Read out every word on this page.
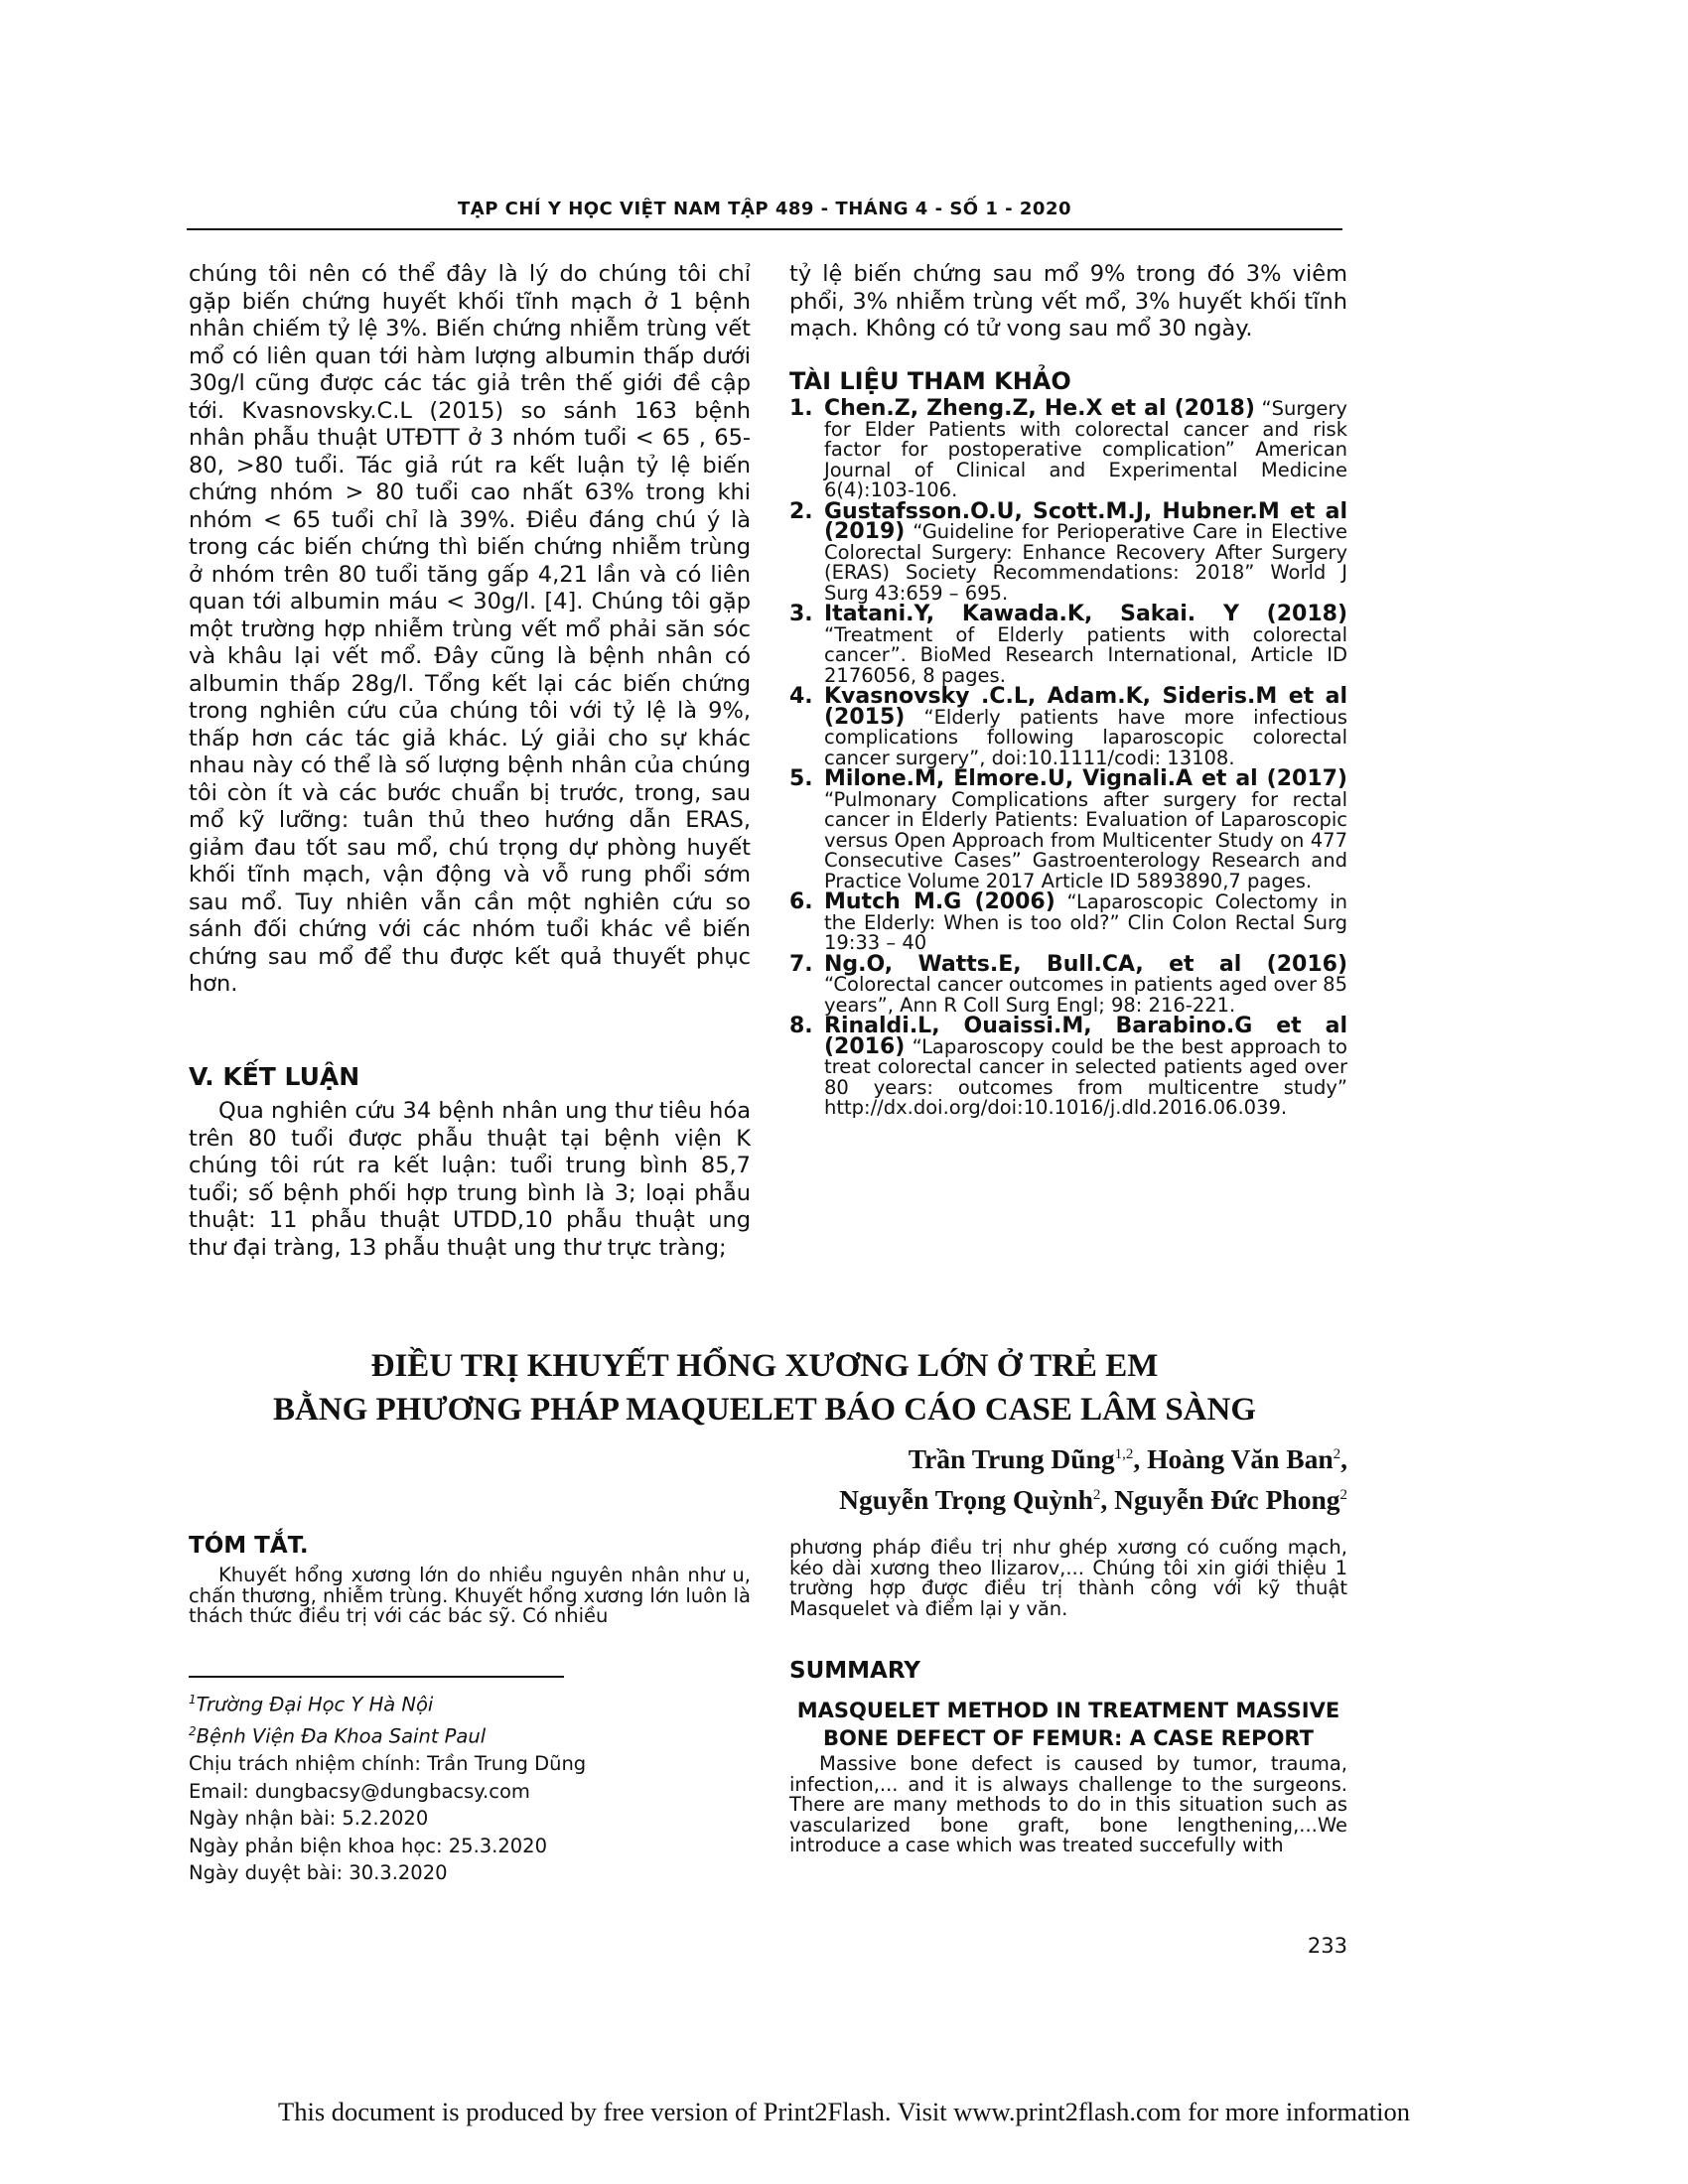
TẠP CHÍ Y HỌC VIỆT NAM TẬP 489 - THÁNG 4 - SỐ 1 - 2020

chúng tôi nên có thể đây là lý do chúng tôi chỉ gặp biến chứng huyết khối tĩnh mạch ở 1 bệnh nhân chiếm tỷ lệ 3%. Biến chứng nhiễm trùng vết mổ có liên quan tới hàm lượng albumin thấp dưới 30g/l cũng được các tác giả trên thế giới đề cập tới. Kvasnovsky.C.L (2015) so sánh 163 bệnh nhân phẫu thuật UTĐTT ở 3 nhóm tuổi < 65 , 65- 80, >80 tuổi. Tác giả rút ra kết luận tỷ lệ biến chứng nhóm > 80 tuổi cao nhất 63% trong khi nhóm < 65 tuổi chỉ là 39%. Điều đáng chú ý là trong các biến chứng thì biến chứng nhiễm trùng ở nhóm trên 80 tuổi tăng gấp 4,21 lần và có liên quan tới albumin máu < 30g/l. [4]. Chúng tôi gặp một trường hợp nhiễm trùng vết mổ phải săn sóc và khâu lại vết mổ. Đây cũng là bệnh nhân có albumin thấp 28g/l. Tổng kết lại các biến chứng trong nghiên cứu của chúng tôi với tỷ lệ là 9%, thấp hơn các tác giả khác. Lý giải cho sự khác nhau này có thể là số lượng bệnh nhân của chúng tôi còn ít và các bước chuẩn bị trước, trong, sau mổ kỹ lưỡng: tuân thủ theo hướng dẫn ERAS, giảm đau tốt sau mổ, chú trọng dự phòng huyết khối tĩnh mạch, vận động và vỗ rung phổi sớm sau mổ. Tuy nhiên vẫn cần một nghiên cứu so sánh đối chứng với các nhóm tuổi khác về biến chứng sau mổ để thu được kết quả thuyết phục hơn.

V. KẾT LUẬN

Qua nghiên cứu 34 bệnh nhân ung thư tiêu hóa trên 80 tuổi được phẫu thuật tại bệnh viện K chúng tôi rút ra kết luận: tuổi trung bình 85,7 tuổi; số bệnh phối hợp trung bình là 3; loại phẫu thuật: 11 phẫu thuật UTDD,10 phẫu thuật ung thư đại tràng, 13 phẫu thuật ung thư trực tràng;

tỷ lệ biến chứng sau mổ 9% trong đó 3% viêm phổi, 3% nhiễm trùng vết mổ, 3% huyết khối tĩnh mạch. Không có tử vong sau mổ 30 ngày.

TÀI LIỆU THAM KHẢO
1. Chen.Z, Zheng.Z, He.X et al (2018) “Surgery for Elder Patients with colorectal cancer and risk factor for postoperative complication” American Journal of Clinical and Experimental Medicine 6(4):103-106.
2. Gustafsson.O.U, Scott.M.J, Hubner.M et al (2019) “Guideline for Perioperative Care in Elective Colorectal Surgery: Enhance Recovery After Surgery (ERAS) Society Recommendations: 2018” World J Surg 43:659 – 695.
3. Itatani.Y, Kawada.K, Sakai. Y (2018) “Treatment of Elderly patients with colorectal cancer”. BioMed Research International, Article ID 2176056, 8 pages.
4. Kvasnovsky .C.L, Adam.K, Sideris.M et al (2015) “Elderly patients have more infectious complications following laparoscopic colorectal cancer surgery”, doi:10.1111/codi: 13108.
5. Milone.M, Elmore.U, Vignali.A et al (2017) “Pulmonary Complications after surgery for rectal cancer in Elderly Patients: Evaluation of Laparoscopic versus Open Approach from Multicenter Study on 477 Consecutive Cases” Gastroenterology Research and Practice Volume 2017 Article ID 5893890,7 pages.
6. Mutch M.G (2006) “Laparoscopic Colectomy in the Elderly: When is too old?” Clin Colon Rectal Surg 19:33 – 40
7. Ng.O, Watts.E, Bull.CA, et al (2016) “Colorectal cancer outcomes in patients aged over 85 years”, Ann R Coll Surg Engl; 98: 216-221.
8. Rinaldi.L, Ouaissi.M, Barabino.G et al (2016) “Laparoscopy could be the best approach to treat colorectal cancer in selected patients aged over 80 years: outcomes from multicentre study” http://dx.doi.org/doi:10.1016/j.dld.2016.06.039.
ĐIỀU TRỊ KHUYẾT HỔNG XƯƠNG LỚN Ở TRẺ EM
BẰNG PHƯƠNG PHÁP MAQUELET BÁO CÁO CASE LÂM SÀNG
Trần Trung Dũng$^{1,2}$, Hoàng Văn Ban$^2$,
Nguyễn Trọng Quỳnh$^2$, Nguyễn Đức Phong$^2$
TÓM TẮT.
Khuyết hổng xương lớn do nhiều nguyên nhân như u, chấn thương, nhiễm trùng. Khuyết hổng xương lớn luôn là thách thức điều trị với các bác sỹ. Có nhiều
$^1$Trường Đại Học Y Hà Nội
$^2$Bệnh Viện Đa Khoa Saint Paul
Chịu trách nhiệm chính: Trần Trung Dũng
Email: dungbacsy@dungbacsy.com
Ngày nhận bài: 5.2.2020
Ngày phản biện khoa học: 25.3.2020
Ngày duyệt bài: 30.3.2020
phương pháp điều trị như ghép xương có cuống mạch, kéo dài xương theo Ilizarov,... Chúng tôi xin giới thiệu 1 trường hợp được điều trị thành công với kỹ thuật Masquelet và điểm lại y văn.
SUMMARY
MASQUELET METHOD IN TREATMENT MASSIVE
BONE DEFECT OF FEMUR: A CASE REPORT
Massive bone defect is caused by tumor, trauma, infection,... and it is always challenge to the surgeons. There are many methods to do in this situation such as vascularized bone graft, bone lengthening,...We introduce a case which was treated succefully with
233
This document is produced by free version of Print2Flash. Visit www.print2flash.com for more information
